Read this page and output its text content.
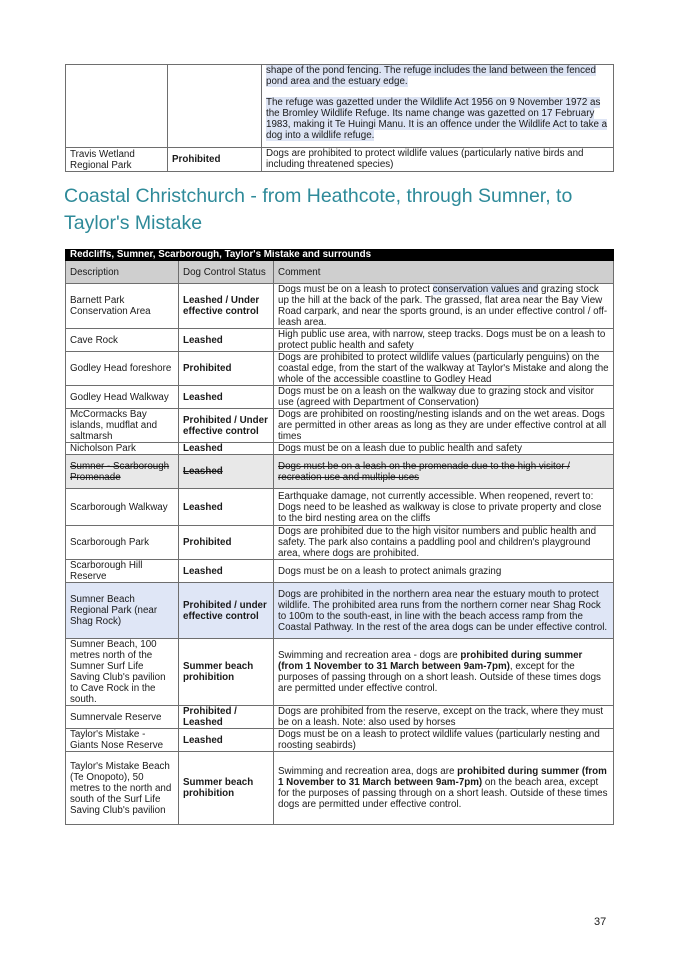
		shape of the pond fencing. The refuge includes the land between the fenced pond area and the estuary edge.

The refuge was gazetted under the Wildlife Act 1956 on 9 November 1972 as the Bromley Wildlife Refuge. Its name change was gazetted on 17 February 1983, making it Te Huingi Manu. It is an offence under the Wildlife Act to take a dog into a wildlife refuge.

Travis Wetland Regional Park	Prohibited	Dogs are prohibited to protect wildlife values (particularly native birds and including threatened species)
Coastal Christchurch - from Heathcote, through Sumner, to Taylor's Mistake
Redcliffs, Sumner, Scarborough, Taylor's Mistake and surrounds		
Description	Dog Control Status	Comment
Barnett Park Conservation Area	Leashed / Under effective control	Dogs must be on a leash to protect conservation values and grazing stock up the hill at the back of the park. The grassed, flat area near the Bay View Road carpark, and near the sports ground, is an under effective control / off-leash area.
Cave Rock	Leashed	High public use area, with narrow, steep tracks. Dogs must be on a leash to protect public health and safety
Godley Head foreshore	Prohibited	Dogs are prohibited to protect wildlife values (particularly penguins) on the coastal edge, from the start of the walkway at Taylor's Mistake and along the whole of the accessible coastline to Godley Head
Godley Head Walkway	Leashed	Dogs must be on a leash on the walkway due to grazing stock and visitor use (agreed with Department of Conservation)
McCormacks Bay islands, mudflat and saltmarsh	Prohibited / Under effective control	Dogs are prohibited on roosting/nesting islands and on the wet areas. Dogs are permitted in other areas as long as they are under effective control at all times
Nicholson Park	Leashed	Dogs must be on a leash due to public health and safety
Sumner - Scarborough Promenade	Leashed	Dogs must be on a leash on the promenade due to the high visitor / recreation use and multiple uses
Scarborough Walkway	Leashed	Earthquake damage, not currently accessible. When reopened, revert to: Dogs need to be leashed as walkway is close to private property and close to the bird nesting area on the cliffs
Scarborough Park	Prohibited	Dogs are prohibited due to the high visitor numbers and public health and safety. The park also contains a paddling pool and children's playground area, where dogs are prohibited.
Scarborough Hill Reserve	Leashed	Dogs must be on a leash to protect animals grazing
Sumner Beach Regional Park (near Shag Rock)	Prohibited / under effective control	Dogs are prohibited in the northern area near the estuary mouth to protect wildlife. The prohibited area runs from the northern corner near Shag Rock to 100m to the south-east, in line with the beach access ramp from the Coastal Pathway. In the rest of the area dogs can be under effective control.
Sumner Beach, 100 metres north of the Sumner Surf Life Saving Club's pavilion to Cave Rock in the south.	Summer beach prohibition	Swimming and recreation area - dogs are prohibited during summer (from 1 November to 31 March between 9am-7pm), except for the purposes of passing through on a short leash. Outside of these times dogs are permitted under effective control.
Sumnervale Reserve	Prohibited / Leashed	Dogs are prohibited from the reserve, except on the track, where they must be on a leash. Note: also used by horses
Taylor's Mistake - Giants Nose Reserve	Leashed	Dogs must be on a leash to protect wildlife values (particularly nesting and roosting seabirds)
Taylor's Mistake Beach (Te Onopoto), 50 metres to the north and south of the Surf Life Saving Club's pavilion	Summer beach prohibition	Swimming and recreation area, dogs are prohibited during summer (from 1 November to 31 March between 9am-7pm) on the beach area, except for the purposes of passing through on a short leash. Outside of these times dogs are permitted under effective control.
37
